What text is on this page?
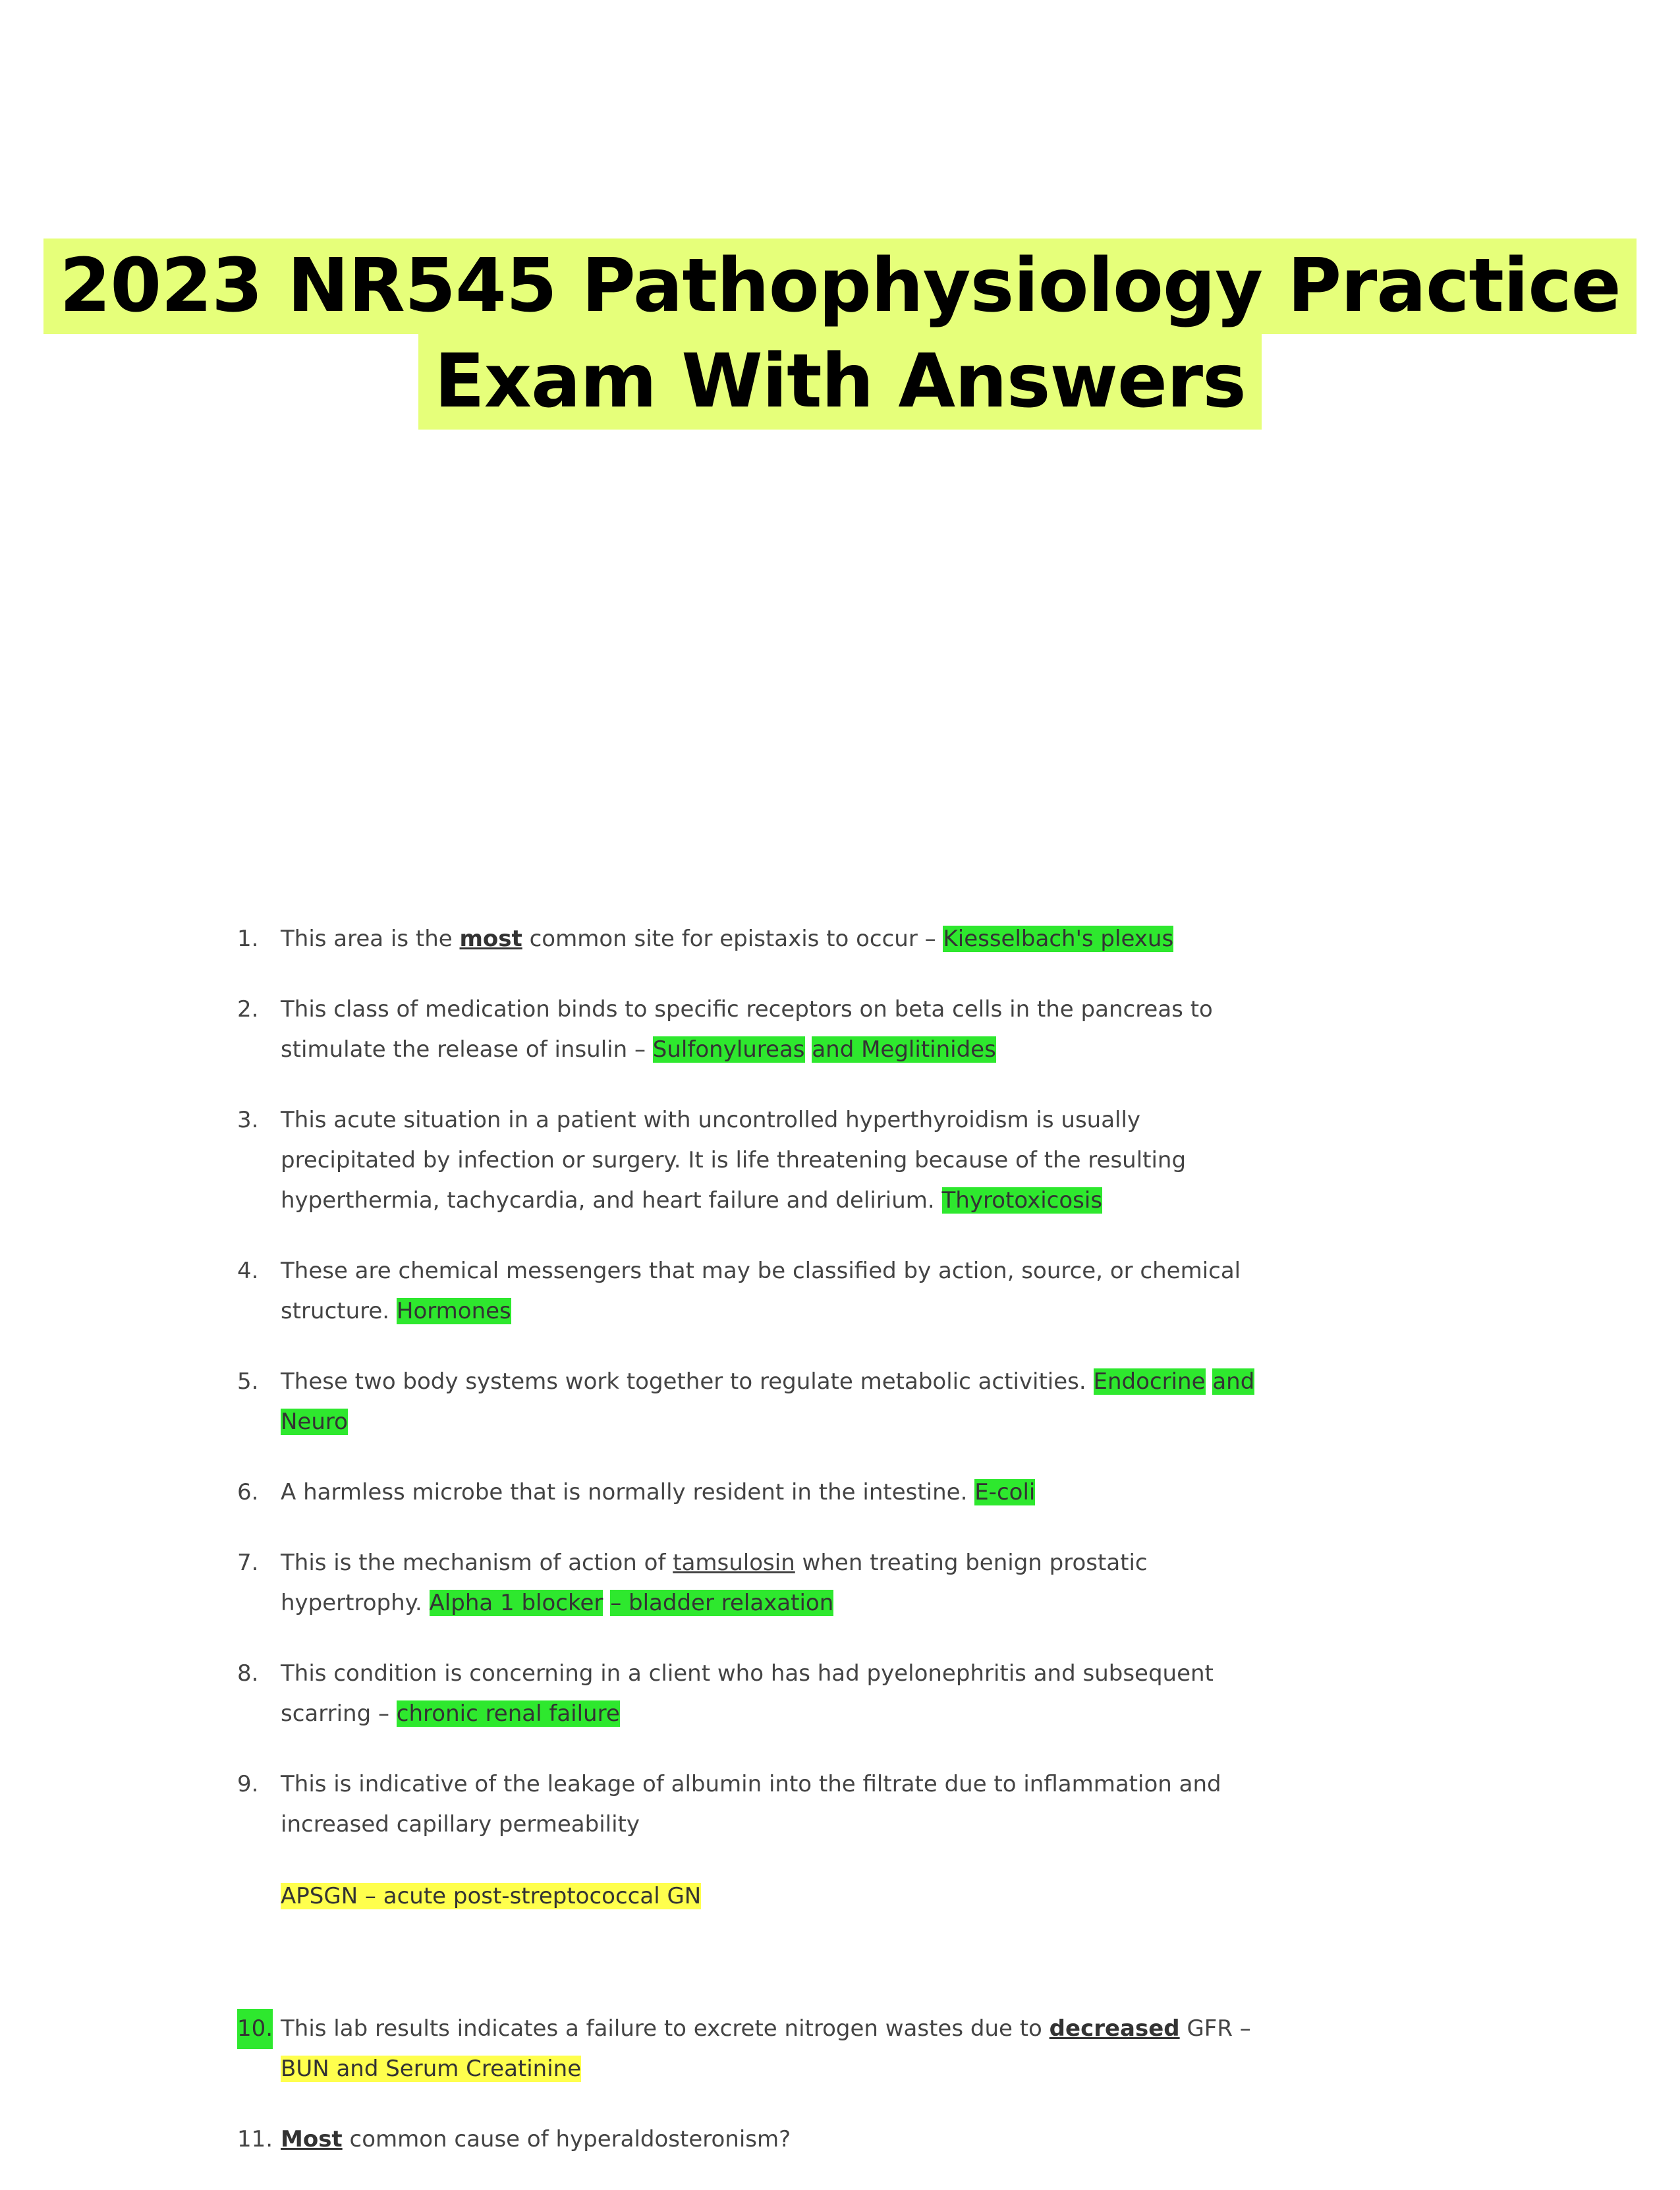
2023 NR545 Pathophysiology Practice
Exam With Answers
1. This area is the most common site for epistaxis to occur – Kiesselbach's plexus
2. This class of medication binds to specific receptors on beta cells in the pancreas to stimulate the release of insulin – Sulfonylureas and Meglitinides
3. This acute situation in a patient with uncontrolled hyperthyroidism is usually precipitated by infection or surgery. It is life threatening because of the resulting hyperthermia, tachycardia, and heart failure and delirium. Thyrotoxicosis
4. These are chemical messengers that may be classified by action, source, or chemical structure. Hormones
5. These two body systems work together to regulate metabolic activities. Endocrine and Neuro
6. A harmless microbe that is normally resident in the intestine. E-coli
7. This is the mechanism of action of tamsulosin when treating benign prostatic hypertrophy. Alpha 1 blocker – bladder relaxation
8. This condition is concerning in a client who has had pyelonephritis and subsequent scarring – chronic renal failure
9. This is indicative of the leakage of albumin into the filtrate due to inflammation and increased capillary permeability
APSGN – acute post-streptococcal GN
10. This lab results indicates a failure to excrete nitrogen wastes due to decreased GFR – BUN and Serum Creatinine
11. Most common cause of hyperaldosteronism?
